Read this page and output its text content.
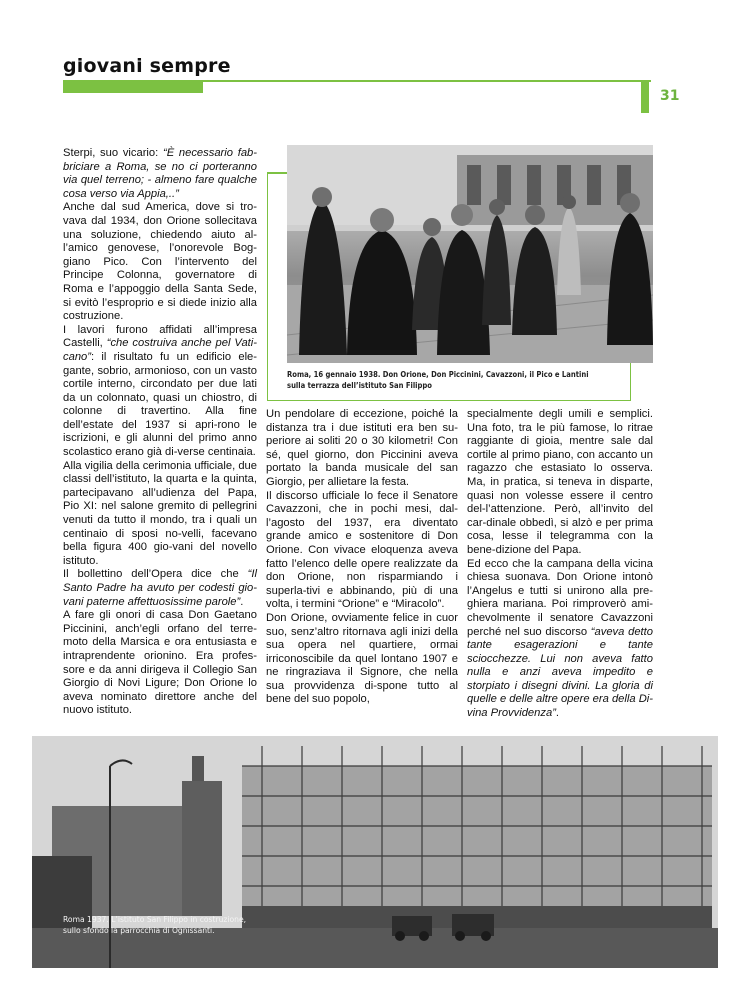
giovani sempre
31
Roma, 16 gennaio 1938. Don Orione, Don Piccinini, Cavazzoni, il Pico e Lantini sulla terrazza dell’istituto San Filippo

Sterpi, suo vicario: “È necessario fab-briciare a Roma, se no ci porteranno via quel terreno; - almeno fare qualche cosa verso via Appia,..”

Anche dal sud America, dove si tro-vava dal 1934, don Orione sollecitava una soluzione, chiedendo aiuto al-l’amico genovese, l’onorevole Bog-giano Pico. Con l’intervento del Principe Colonna, governatore di Roma e l’appoggio della Santa Sede, si evitò l’esproprio e si diede inizio alla costruzione.

I lavori furono affidati all’impresa Castelli, “che costruiva anche pel Vati-cano”: il risultato fu un edificio ele-gante, sobrio, armonioso, con un vasto cortile interno, circondato per due lati da un colonnato, quasi un chiostro, di colonne di travertino. Alla fine dell’estate del 1937 si apri-rono le iscrizioni, e gli alunni del primo anno scolastico erano già di-verse centinaia.

Alla vigilia della cerimonia ufficiale, due classi dell’istituto, la quarta e la quinta, partecipavano all’udienza del Papa, Pio XI: nel salone gremito di pellegrini venuti da tutto il mondo, tra i quali un centinaio di sposi no-velli, facevano bella figura 400 gio-vani del novello istituto.

Il bollettino dell’Opera dice che “Il Santo Padre ha avuto per codesti gio-vani paterne affettuosissime parole”.

A fare gli onori di casa Don Gaetano Piccinini, anch’egli orfano del terre-moto della Marsica e ora entusiasta e intraprendente orionino. Era profes-sore e da anni dirigeva il Collegio San Giorgio di Novi Ligure; Don Orione lo aveva nominato direttore anche del nuovo istituto.

Un pendolare di eccezione, poiché la distanza tra i due istituti era ben su-periore ai soliti 20 o 30 kilometri! Con sé, quel giorno, don Piccinini aveva portato la banda musicale del san Giorgio, per allietare la festa.

Il discorso ufficiale lo fece il Senatore Cavazzoni, che in pochi mesi, dal-l’agosto del 1937, era diventato grande amico e sostenitore di Don Orione. Con vivace eloquenza aveva fatto l’elenco delle opere realizzate da don Orione, non risparmiando i superla-tivi e abbinando, più di una volta, i termini “Orione” e “Miracolo”.

Don Orione, ovviamente felice in cuor suo, senz’altro ritornava agli inizi della sua opera nel quartiere, ormai irriconoscibile da quel lontano 1907 e ne ringraziava il Signore, che nella sua provvidenza di-spone tutto al bene del suo popolo,

specialmente degli umili e semplici. Una foto, tra le più famose, lo ritrae raggiante di gioia, mentre sale dal cortile al primo piano, con accanto un ragazzo che estasiato lo osserva. Ma, in pratica, si teneva in disparte, quasi non volesse essere il centro del-l’attenzione. Però, all’invito del car-dinale obbedì, si alzò e per prima cosa, lesse il telegramma con la bene-dizione del Papa.

Ed ecco che la campana della vicina chiesa suonava. Don Orione intonò l’Angelus e tutti si unirono alla pre-ghiera mariana. Poi rimproverò ami-chevolmente il senatore Cavazzoni perché nel suo discorso “aveva detto tante esagerazioni e tante sciocchezze. Lui non aveva fatto nulla e anzi aveva impedito e storpiato i disegni divini. La gloria di quelle e delle altre opere era della Di-vina Provvidenza”.

Roma 1937. L’istituto San Filippo in costruzione, sullo sfondo la parrocchia di Ognissanti.
